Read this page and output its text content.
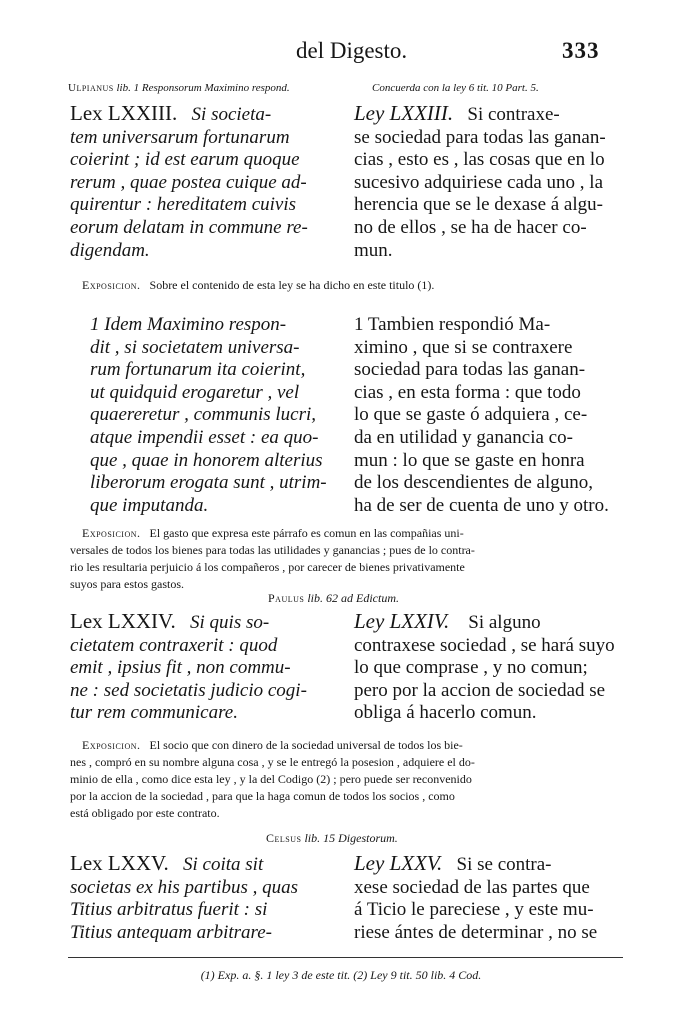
del Digesto.	333
Ulpianus lib. 1 Responsorum Maximino respond.	Concuerda con la ley 6 tit. 10 Part. 5.

Lex LXXIII. Si societa-

tem universarum fortunarum

coierint ; id est earum quoque

rerum , quae postea cuique ad-

quirentur : hereditatem cuivis

eorum delatam in commune re-

digendam.

Ley LXXIII. Si contraxe-

se sociedad para todas las ganan-

cias , esto es , las cosas que en lo

sucesivo adquiriese cada uno , la

herencia que se le dexase á algu-

no de ellos , se ha de hacer co-

mun.

Exposicion. Sobre el contenido de esta ley se ha dicho en este titulo (1).

1 Idem Maximino respon-

dit , si societatem universa-

rum fortunarum ita coierint,

ut quidquid erogaretur , vel

quaereretur , communis lucri,

atque impendii esset : ea quo-

que , quae in honorem alterius

liberorum erogata sunt , utrim-

que imputanda.

1 Tambien respondió Ma-

ximino , que si se contraxere

sociedad para todas las ganan-

cias , en esta forma : que todo

lo que se gaste ó adquiera , ce-

da en utilidad y ganancia co-

mun : lo que se gaste en honra

de los descendientes de alguno,

ha de ser de cuenta de uno y otro.

Exposicion. El gasto que expresa este párrafo es comun en las compañias uni-

versales de todos los bienes para todas las utilidades y ganancias ; pues de lo contra-

rio les resultaria perjuicio á los compañeros , por carecer de bienes privativamente

suyos para estos gastos.

Paulus lib. 62 ad Edictum.

Lex LXXIV. Si quis so-

cietatem contraxerit : quod

emit , ipsius fit , non commu-

ne : sed societatis judicio cogi-

tur rem communicare.

Ley LXXIV. Si alguno

contraxese sociedad , se hará suyo

lo que comprase , y no comun;

pero por la accion de sociedad se

obliga á hacerlo comun.

Exposicion. El socio que con dinero de la sociedad universal de todos los bie-

nes , compró en su nombre alguna cosa , y se le entregó la posesion , adquiere el do-

minio de ella , como dice esta ley , y la del Codigo (2) ; pero puede ser reconvenido

por la accion de la sociedad , para que la haga comun de todos los socios , como

está obligado por este contrato.

Celsus lib. 15 Digestorum.

Lex LXXV. Si coita sit

societas ex his partibus , quas

Titius arbitratus fuerit : si

Titius antequam arbitrare-

Ley LXXV. Si se contra-

xese sociedad de las partes que

á Ticio le pareciese , y este mu-

riese ántes de determinar , no se

(1) Exp. a. §. 1 ley 3 de este tit. (2) Ley 9 tit. 50 lib. 4 Cod.
